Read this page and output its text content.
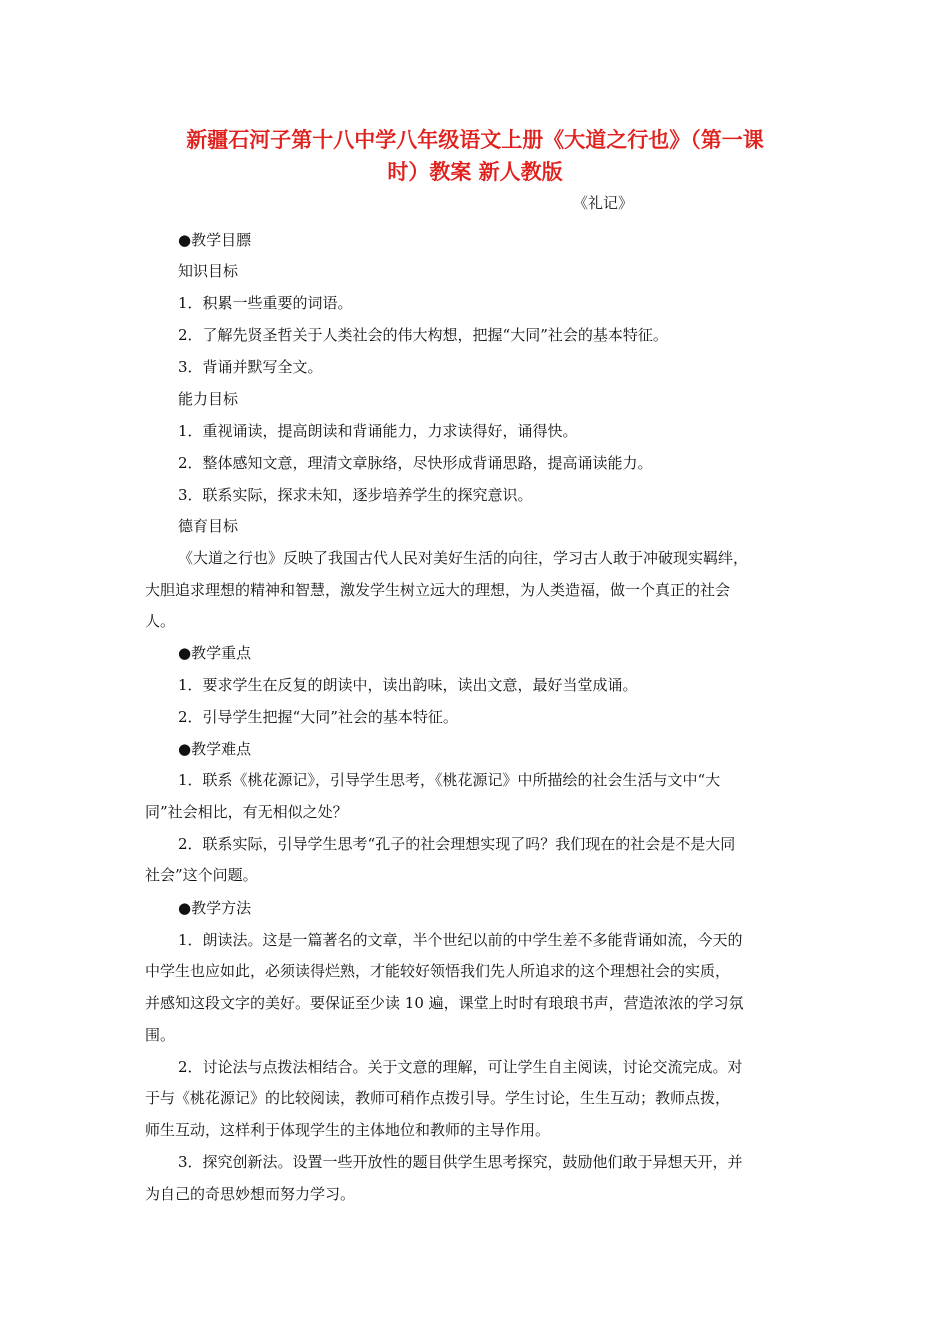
新疆石河子第十八中学八年级语文上册《大道之行也》（第一课
时）教案 新人教版
《礼记》
●教学目膘
知识目标
1．积累一些重要的词语。
2．了解先贤圣哲关于人类社会的伟大构想，把握“大同”社会的基本特征。
3．背诵并默写全文。
能力目标
1．重视诵读，提高朗读和背诵能力，力求读得好，诵得快。
2．整体感知文意，理清文章脉络，尽快形成背诵思路，提高诵读能力。
3．联系实际，探求未知，逐步培养学生的探究意识。
德育目标
《大道之行也》反映了我国古代人民对美好生活的向往，学习古人敢于冲破现实羁绊，
大胆追求理想的精神和智慧，激发学生树立远大的理想，为人类造福，做一个真正的社会
人。
●教学重点
1．要求学生在反复的朗读中，读出韵味，读出文意，最好当堂成诵。
2．引导学生把握“大同”社会的基本特征。
●教学难点
1．联系《桃花源记》，引导学生思考，《桃花源记》中所描绘的社会生活与文中“大
同”社会相比，有无相似之处？
2．联系实际，引导学生思考“孔子的社会理想实现了吗？我们现在的社会是不是大同
社会”这个问题。
●教学方法
1．朗读法。这是一篇著名的文章，半个世纪以前的中学生差不多能背诵如流，今天的
中学生也应如此，必须读得烂熟，才能较好领悟我们先人所追求的这个理想社会的实质，
并感知这段文字的美好。要保证至少读 10 遍，课堂上时时有琅琅书声，营造浓浓的学习氛
围。
2．讨论法与点拨法相结合。关于文意的理解，可让学生自主阅读，讨论交流完成。对
于与《桃花源记》的比较阅读，教师可稍作点拨引导。学生讨论，生生互动；教师点拨，
师生互动，这样利于体现学生的主体地位和教师的主导作用。
3．探究创新法。设置一些开放性的题目供学生思考探究，鼓励他们敢于异想天开，并
为自己的奇思妙想而努力学习。
